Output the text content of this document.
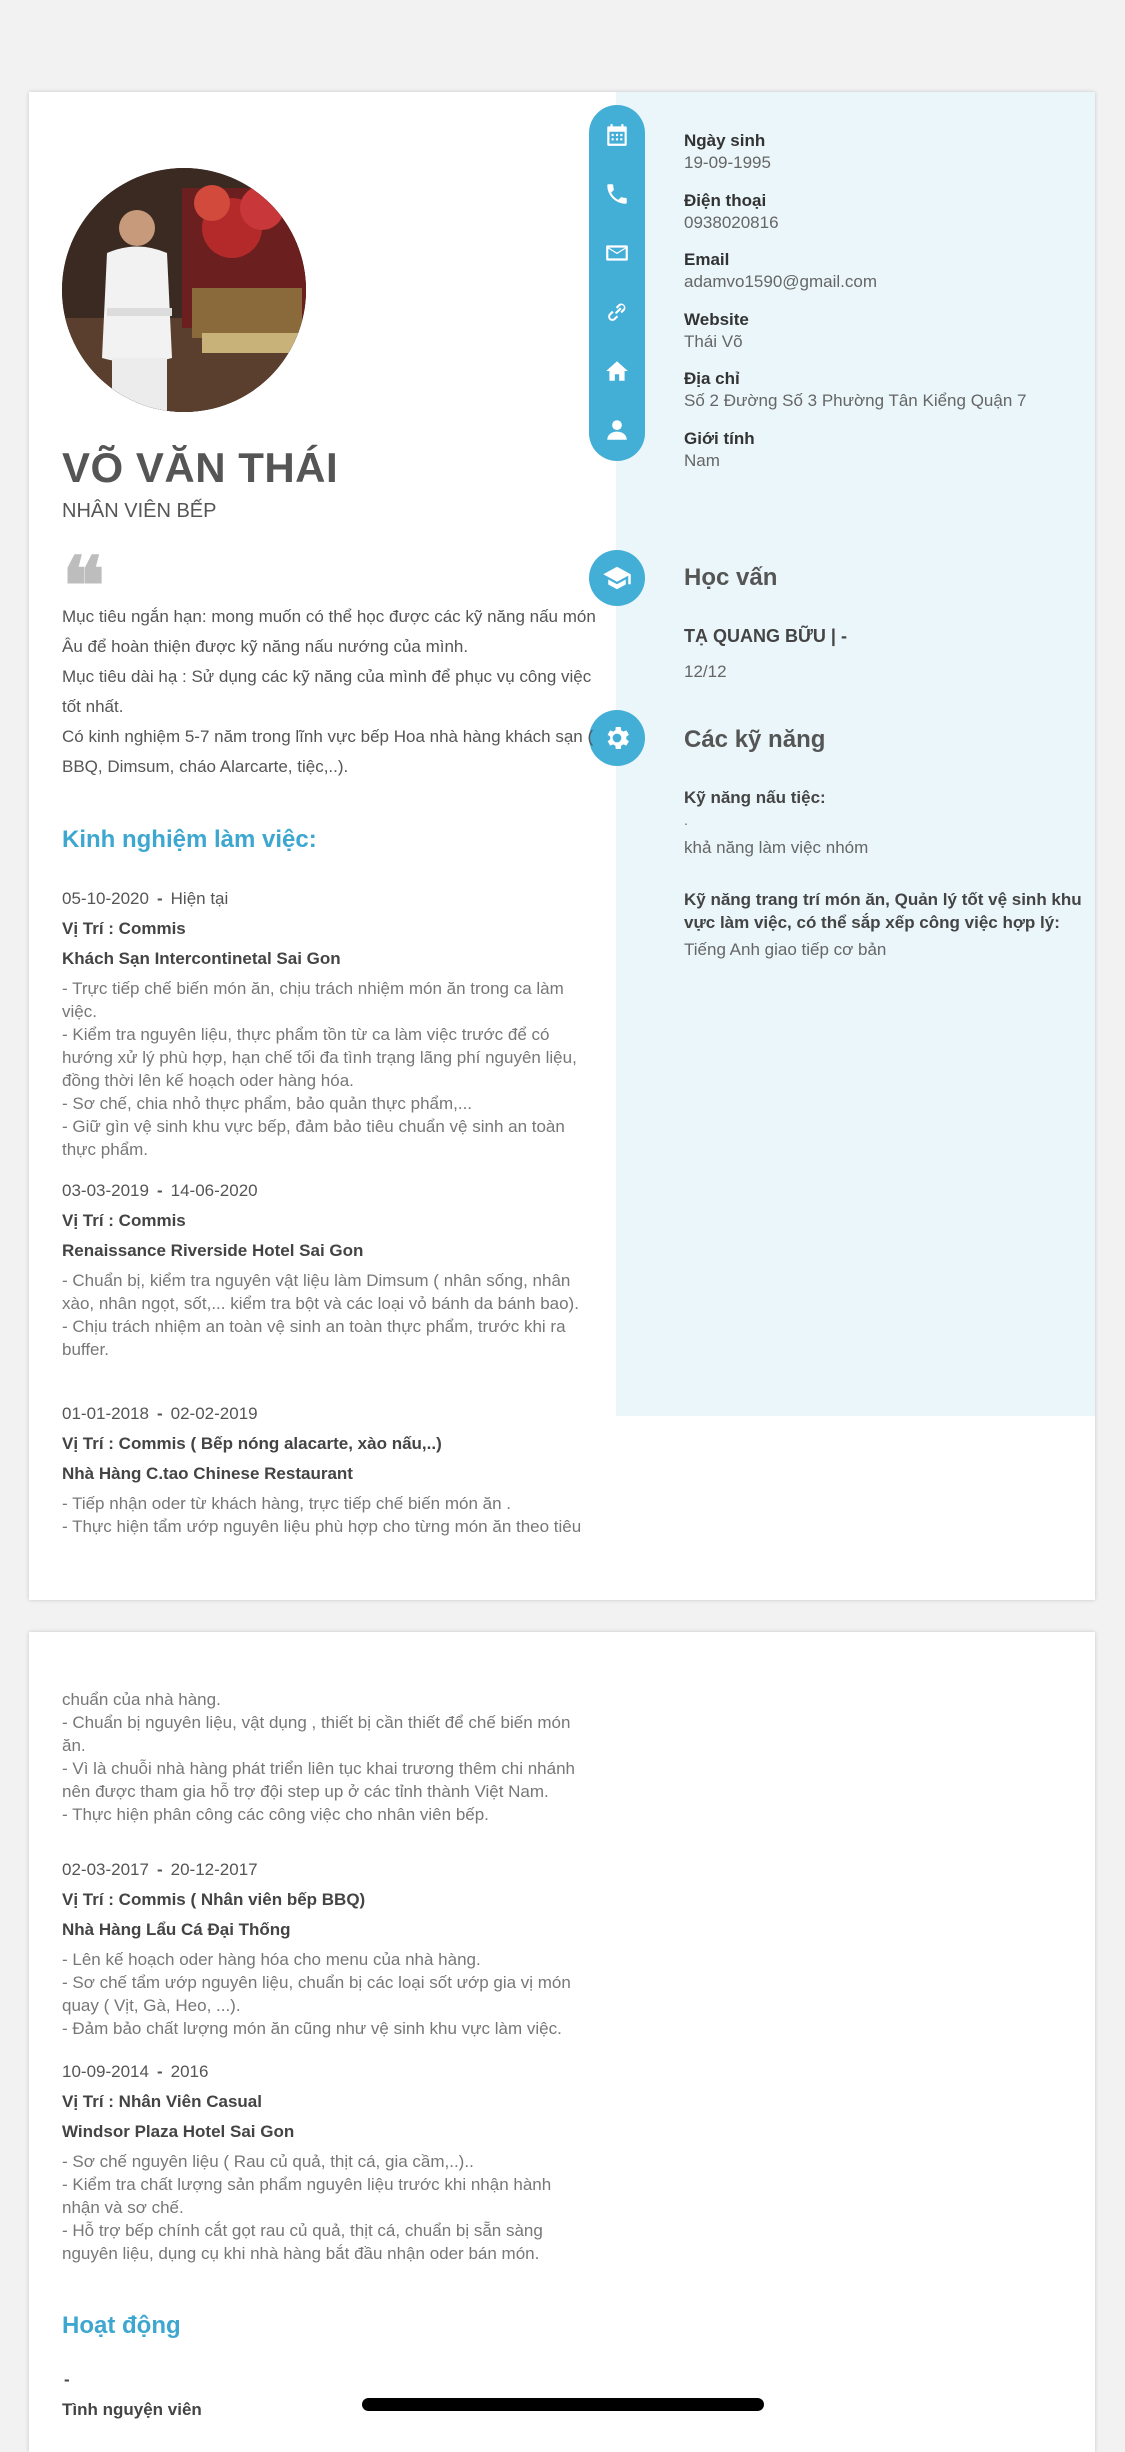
Ngày sinh
19-09-1995
Điện thoại
0938020816
Email
adamvo1590@gmail.com
Website
Thái Võ
Địa chỉ
Số 2 Đường Số 3 Phường Tân Kiểng Quận 7
Giới tính
Nam
Học vấn
TẠ QUANG BỮU | -
12/12
Các kỹ năng
Kỹ năng nấu tiệc:
.
khả năng làm việc nhóm
Kỹ năng trang trí món ăn, Quản lý tốt vệ sinh khu vực làm việc, có thể sắp xếp công việc hợp lý:
Tiếng Anh giao tiếp cơ bản
VÕ VĂN THÁI
NHÂN VIÊN BẾP
❝
Mục tiêu ngắn hạn: mong muốn có thể học được các kỹ năng nấu món Âu để hoàn thiện được kỹ năng nấu nướng của mình.
Mục tiêu dài hạ : Sử dụng các kỹ năng của mình để phục vụ công việc tốt nhất.
Có kinh nghiệm 5-7 năm trong lĩnh vực bếp Hoa nhà hàng khách sạn ( BBQ, Dimsum, cháo Alarcarte, tiệc,..).
Kinh nghiệm làm việc:
05-10-2020 - Hiện tại
Vị Trí : Commis
Khách Sạn Intercontinetal Sai Gon
- Trực tiếp chế biến món ăn, chịu trách nhiệm món ăn trong ca làm việc.
- Kiểm tra nguyên liệu, thực phẩm tồn từ ca làm việc trước để có hướng xử lý phù hợp, hạn chế tối đa tình trạng lãng phí nguyên liệu, đồng thời lên kế hoạch oder hàng hóa.
- Sơ chế, chia nhỏ thực phẩm, bảo quản thực phẩm,...
- Giữ gìn vệ sinh khu vực bếp, đảm bảo tiêu chuẩn vệ sinh an toàn thực phẩm.
03-03-2019 - 14-06-2020
Vị Trí : Commis
Renaissance Riverside Hotel Sai Gon
- Chuẩn bị, kiểm tra nguyên vật liệu làm Dimsum ( nhân sống, nhân xào, nhân ngọt, sốt,... kiểm tra bột và các loại vỏ bánh da bánh bao).
- Chịu trách nhiệm an toàn vệ sinh an toàn thực phẩm, trước khi ra buffer.
01-01-2018 - 02-02-2019
Vị Trí : Commis ( Bếp nóng alacarte, xào nấu,..)
Nhà Hàng C.tao Chinese Restaurant
- Tiếp nhận oder từ khách hàng, trực tiếp chế biến món ăn .
- Thực hiện tẩm ướp nguyên liệu phù hợp cho từng món ăn theo tiêu
chuẩn của nhà hàng.
- Chuẩn bị nguyên liệu, vật dụng , thiết bị cần thiết để chế biến món ăn.
- Vì là chuỗi nhà hàng phát triển liên tục khai trương thêm chi nhánh nên được tham gia hỗ trợ đội step up ở các tỉnh thành Việt Nam.
- Thực hiện phân công các công việc cho nhân viên bếp.
02-03-2017 - 20-12-2017
Vị Trí : Commis ( Nhân viên bếp BBQ)
Nhà Hàng Lẩu Cá Đại Thống
- Lên kế hoạch oder hàng hóa cho menu của nhà hàng.
- Sơ chế tẩm ướp nguyên liệu, chuẩn bị các loại sốt ướp gia vị món quay ( Vịt, Gà, Heo, ...).
- Đảm bảo chất lượng món ăn cũng như vệ sinh khu vực làm việc.
10-09-2014 - 2016
Vị Trí : Nhân Viên Casual
Windsor Plaza Hotel Sai Gon
- Sơ chế nguyên liệu ( Rau củ quả, thịt cá, gia cầm,..)..
- Kiểm tra chất lượng sản phẩm nguyên liệu trước khi nhận hành nhận và sơ chế.
- Hỗ trợ bếp chính cắt gọt rau củ quả, thịt cá, chuẩn bị sẵn sàng nguyên liệu, dụng cụ khi nhà hàng bắt đầu nhận oder bán món.
Hoạt động
-
Tình nguyện viên
